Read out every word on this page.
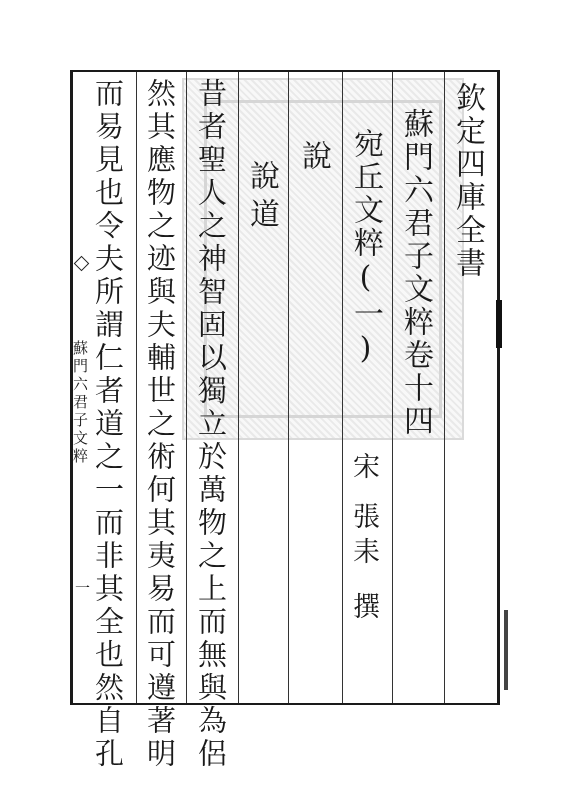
欽定四庫全書
蘇門六君子文粹卷十四
宛丘文粹(一)
宋
張耒
撰
說
說道
昔者聖人之神智固以獨立於萬物之上而無與為侶
然其應物之迹與夫輔世之術何其夷易而可遵著明
而易見也令夫所謂仁者道之一而非其全也然自孔
蘇門六君子文粹
一
